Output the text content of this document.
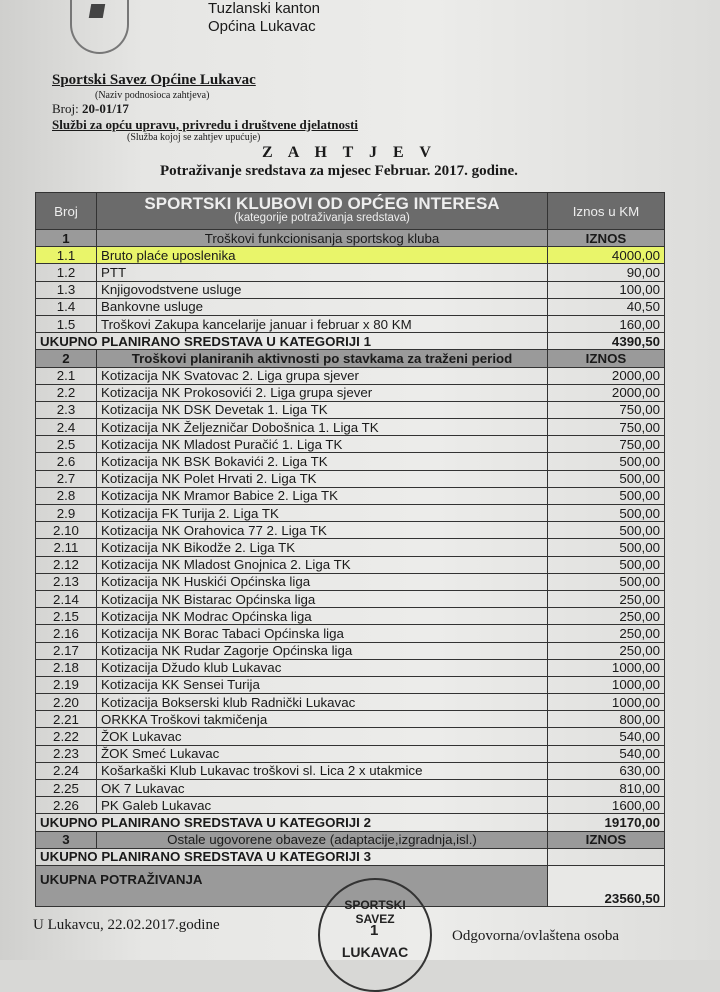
Tuzlanski kanton
Općina Lukavac
Sportski Savez Općine Lukavac
(Naziv podnosioca zahtjeva)
Broj: 20-01/17
Službi za opću upravu, privredu i društvene djelatnosti
(Služba kojoj se zahtjev upućuje)
Z A H T J E V
Potraživanje sredstava za mjesec Februar. 2017. godine.
Broj	SPORTSKI KLUBOVI OD OPĆEG INTERESA
(kategorije potraživanja sredstava)	Iznos u KM
1	Troškovi funkcionisanja sportskog kluba	IZNOS
1.1	Bruto plaće uposlenika	4000,00
1.2	PTT	90,00
1.3	Knjigovodstvene usluge	100,00
1.4	Bankovne usluge	40,50
1.5	Troškovi Zakupa kancelarije januar i februar x 80 KM	160,00
UKUPNO PLANIRANO SREDSTAVA U KATEGORIJI 1		4390,50
2	Troškovi planiranih aktivnosti po stavkama za traženi period	IZNOS
2.1	Kotizacija NK Svatovac 2. Liga grupa sjever	2000,00
2.2	Kotizacija NK Prokosovići 2. Liga grupa sjever	2000,00
2.3	Kotizacija NK DSK Devetak 1. Liga TK	750,00
2.4	Kotizacija NK Željezničar Dobošnica 1. Liga TK	750,00
2.5	Kotizacija NK Mladost Puračić 1. Liga TK	750,00
2.6	Kotizacija NK BSK Bokavići 2. Liga TK	500,00
2.7	Kotizacija NK Polet Hrvati 2. Liga TK	500,00
2.8	Kotizacija NK Mramor Babice 2. Liga TK	500,00
2.9	Kotizacija FK Turija 2. Liga TK	500,00
2.10	Kotizacija NK Orahovica 77 2. Liga TK	500,00
2.11	Kotizacija NK Bikodže 2. Liga TK	500,00
2.12	Kotizacija NK Mladost Gnojnica 2. Liga TK	500,00
2.13	Kotizacija NK Huskići Općinska liga	500,00
2.14	Kotizacija NK Bistarac Općinska liga	250,00
2.15	Kotizacija NK Modrac Općinska liga	250,00
2.16	Kotizacija NK Borac Tabaci Općinska liga	250,00
2.17	Kotizacija NK Rudar Zagorje Općinska liga	250,00
2.18	Kotizacija Džudo klub Lukavac	1000,00
2.19	Kotizacija KK Sensei Turija	1000,00
2.20	Kotizacija Bokserski klub Radnički Lukavac	1000,00
2.21	ORKKA Troškovi takmičenja	800,00
2.22	ŽOK Lukavac	540,00
2.23	ŽOK Smeć Lukavac	540,00
2.24	Košarkaški Klub Lukavac troškovi sl. Lica 2 x utakmice	630,00
2.25	OK 7 Lukavac	810,00
2.26	PK Galeb Lukavac	1600,00
UKUPNO PLANIRANO SREDSTAVA U KATEGORIJI 2		19170,00
3	Ostale ugovorene obaveze (adaptacije,izgradnja,isl.)	IZNOS
UKUPNO PLANIRANO SREDSTAVA U KATEGORIJI 3		
UKUPNA POTRAŽIVANJA		23560,50
U Lukavcu, 22.02.2017.godine
Odgovorna/ovlaštena osoba
SPORTSKI SAVEZ
1
LUKAVAC
